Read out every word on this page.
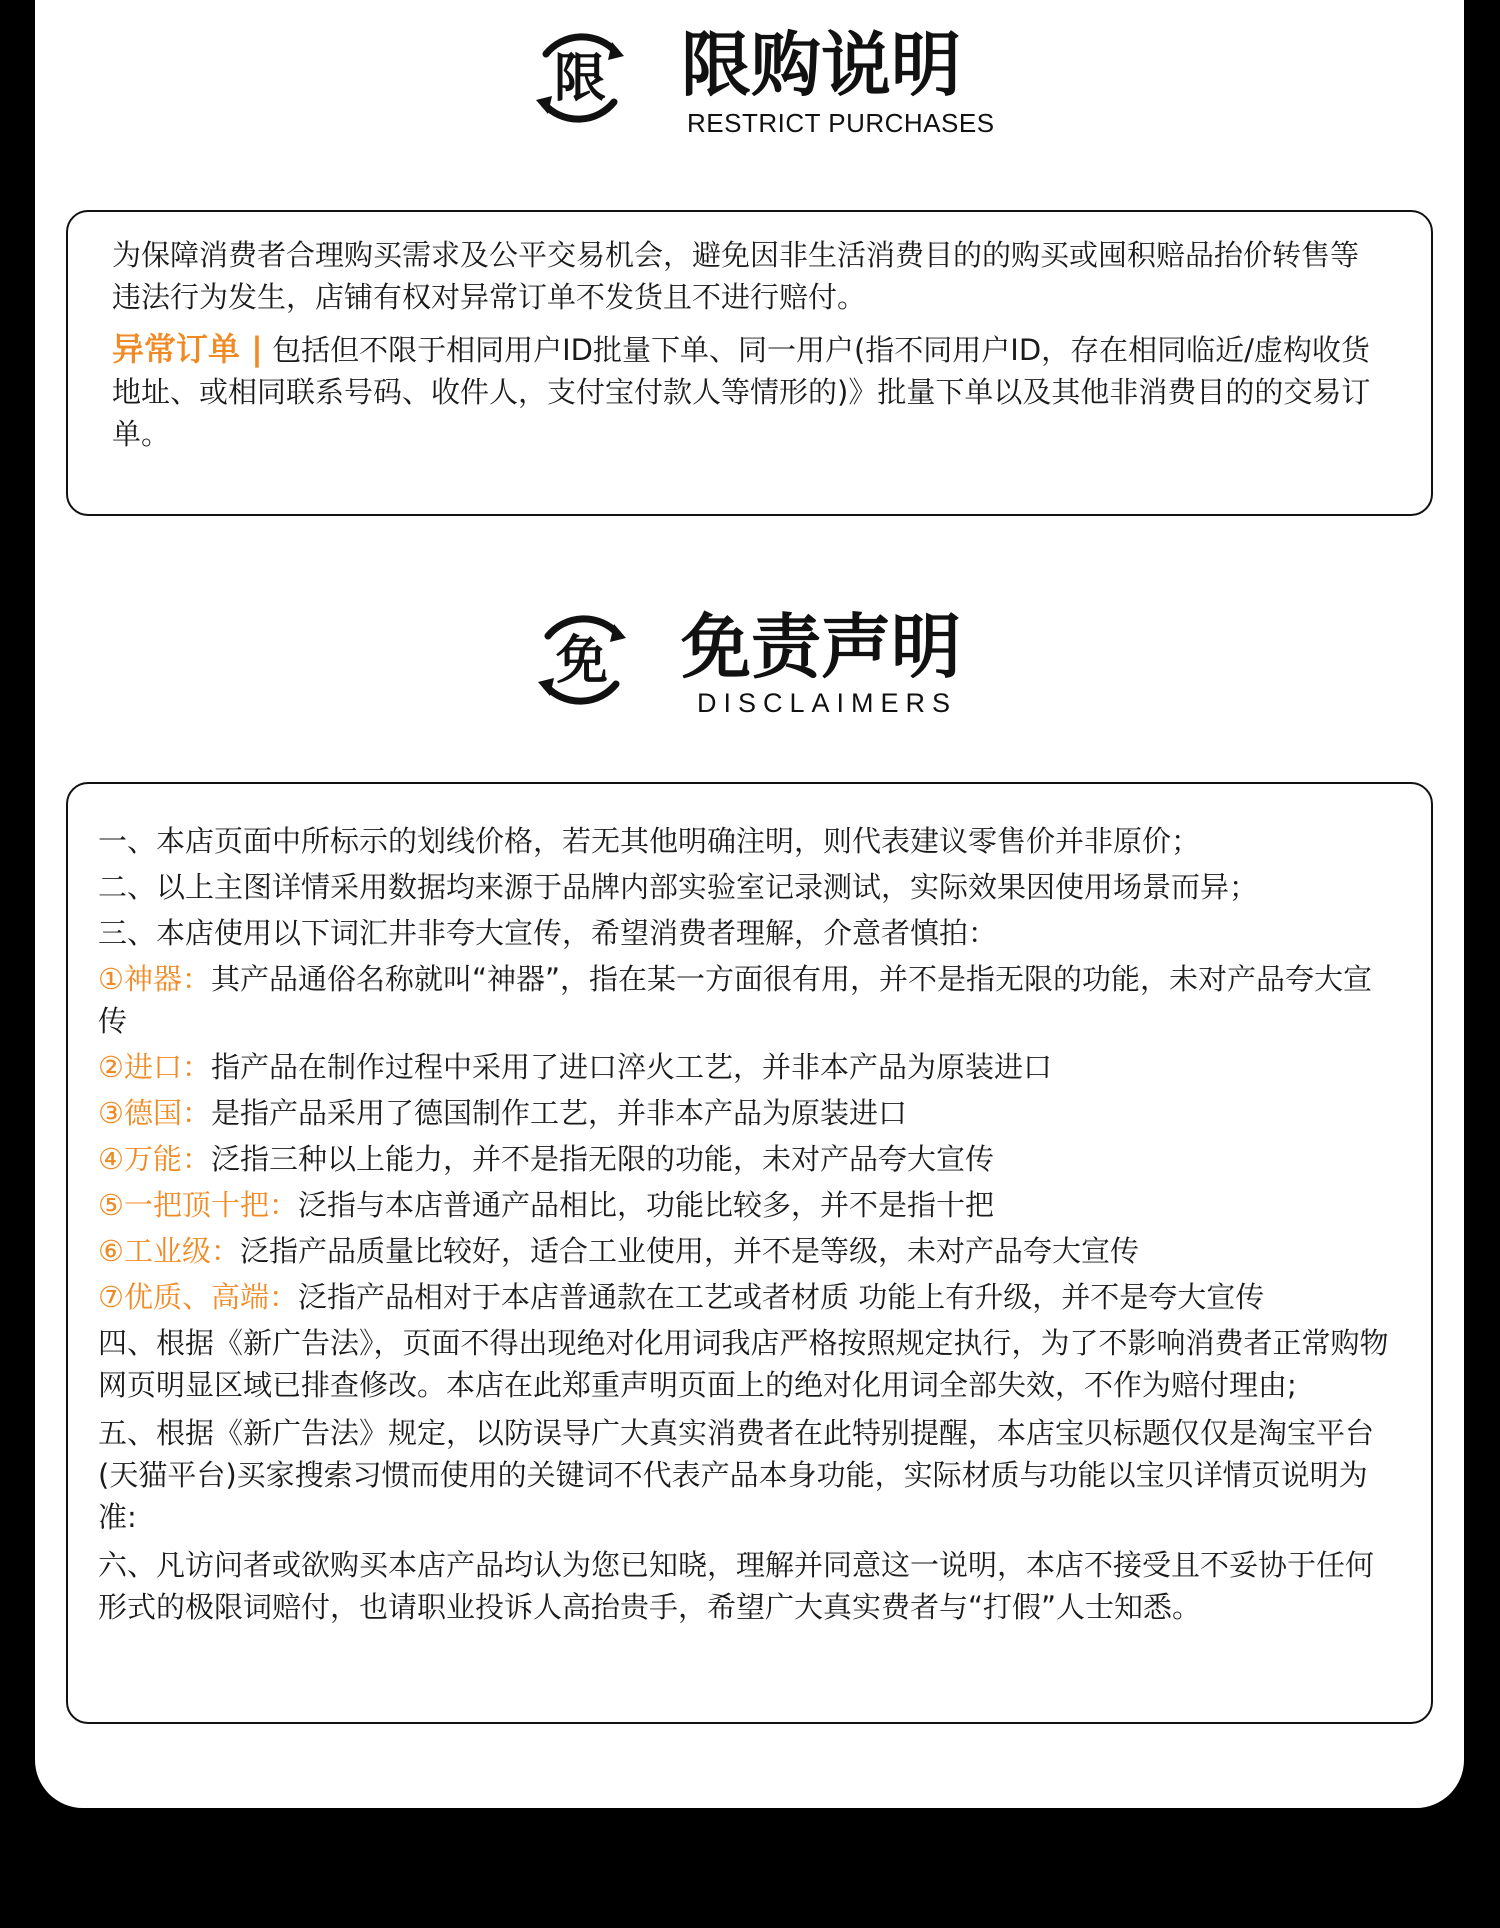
限 限购说明
RESTRICT PURCHASES

为保障消费者合理购买需求及公平交易机会，避免因非生活消费目的的购买或囤积赔品抬价转售等违法行为发生，店铺有权对异常订单不发货且不进行赔付。

异常订单 | 包括但不限于相同用户ID批量下单、同一用户(指不同用户ID，存在相同临近/虚构收货地址、或相同联系号码、收件人，支付宝付款人等情形的)》批量下单以及其他非消费目的的交易订单。

免 免责声明
DISCLAIMERS

一、本店页面中所标示的划线价格，若无其他明确注明，则代表建议零售价并非原价；

二、以上主图详情采用数据均来源于品牌内部实验室记录测试，实际效果因使用场景而异；

三、本店使用以下词汇井非夸大宣传，希望消费者理解，介意者慎拍：

①神器：其产品通俗名称就叫“神器”，指在某一方面很有用，并不是指无限的功能，未对产品夸大宣传

②进口：指产品在制作过程中采用了进口淬火工艺，并非本产品为原装进口

③德国：是指产品采用了德国制作工艺，并非本产品为原装进口

④万能：泛指三种以上能力，并不是指无限的功能，未对产品夸大宣传

⑤一把顶十把：泛指与本店普通产品相比，功能比较多，并不是指十把

⑥工业级：泛指产品质量比较好，适合工业使用，并不是等级，未对产品夸大宣传

⑦优质、高端：泛指产品相对于本店普通款在工艺或者材质 功能上有升级，并不是夸大宣传

四、根据《新广告法》，页面不得出现绝对化用词我店严格按照规定执行，为了不影响消费者正常购物网页明显区域已排查修改。本店在此郑重声明页面上的绝对化用词全部失效，不作为赔付理由;

五、根据《新广告法》规定，以防误导广大真实消费者在此特别提醒，本店宝贝标题仅仅是淘宝平台(天猫平台)买家搜索习惯而使用的关键词不代表产品本身功能，实际材质与功能以宝贝详情页说明为准:

六、凡访问者或欲购买本店产品均认为您已知晓，理解并同意这一说明，本店不接受且不妥协于任何形式的极限词赔付，也请职业投诉人高抬贵手，希望广大真实费者与“打假”人士知悉。
